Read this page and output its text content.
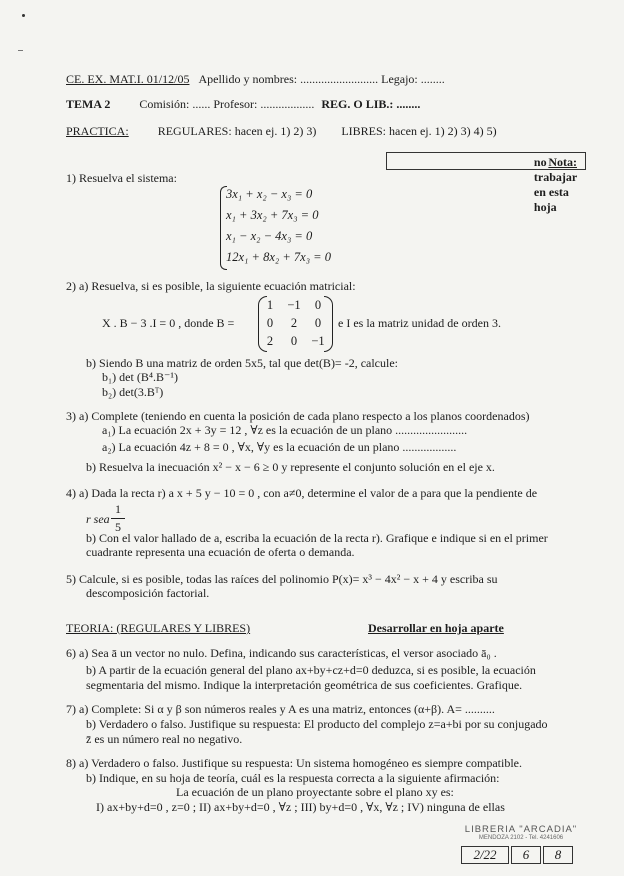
CE. EX. MAT.I. 01/12/05 Apellido y nombres: .......................... Legajo: ........
TEMA 2 Comisión: ...... Profesor: .................. REG. O LIB.: ........
PRACTICA: REGULARES: hacen ej. 1) 2) 3) LIBRES: hacen ej. 1) 2) 3) 4) 5)
Nota:
no trabajar en esta hoja
1) Resuelva el sistema:
3x₁ + x₂ − x₃ = 0
x₁ + 3x₂ + 7x₃ = 0
x₁ − x₂ − 4x₃ = 0
12x₁ + 8x₂ + 7x₃ = 0
2) a) Resuelva, si es posible, la siguiente ecuación matricial:
X . B − 3 .I = 0 , donde B =
1	−1	0
0	2	0
2	0	−1
e I es la matriz unidad de orden 3.
b) Siendo B una matriz de orden 5x5, tal que det(B)= -2, calcule:
b₁) det (B⁴.B⁻¹)
b₂) det(3.Bᵀ)
3) a) Complete (teniendo en cuenta la posición de cada plano respecto a los planos coordenados)
a₁) La ecuación 2x + 3y = 12 , ∀z es la ecuación de un plano ........................
a₂) La ecuación 4z + 8 = 0 , ∀x, ∀y es la ecuación de un plano ..................
b) Resuelva la inecuación x² − x − 6 ≥ 0 y represente el conjunto solución en el eje x.
4) a) Dada la recta r) a x + 5 y − 10 = 0 , con a≠0, determine el valor de a para que la pendiente de
r sea
1
5
b) Con el valor hallado de a, escriba la ecuación de la recta r). Grafique e indique si en el primer
cuadrante representa una ecuación de oferta o demanda.
5) Calcule, si es posible, todas las raíces del polinomio P(x)= x³ − 4x² − x + 4 y escriba su
descomposición factorial.
TEORIA: (REGULARES Y LIBRES)	Desarrollar en hoja aparte
6) a) Sea ā un vector no nulo. Defina, indicando sus características, el versor asociado ā₀ .
b) A partir de la ecuación general del plano ax+by+cz+d=0 deduzca, si es posible, la ecuación
segmentaria del mismo. Indique la interpretación geométrica de sus coeficientes. Grafique.
7) a) Complete: Si α y β son números reales y A es una matriz, entonces (α+β). A= ..........
b) Verdadero o falso. Justifique su respuesta: El producto del complejo z=a+bi por su conjugado
z̄ es un número real no negativo.
8) a) Verdadero o falso. Justifique su respuesta: Un sistema homogéneo es siempre compatible.
b) Indique, en su hoja de teoría, cuál es la respuesta correcta a la siguiente afirmación:
La ecuación de un plano proyectante sobre el plano xy es:
I) ax+by+d=0 , z=0 ; II) ax+by+d=0 , ∀z ; III) by+d=0 , ∀x, ∀z ; IV) ninguna de ellas
LIBRERIA "ARCADIA"
MENDOZA 2102 - Tel. 4241606
2/22	6	8
